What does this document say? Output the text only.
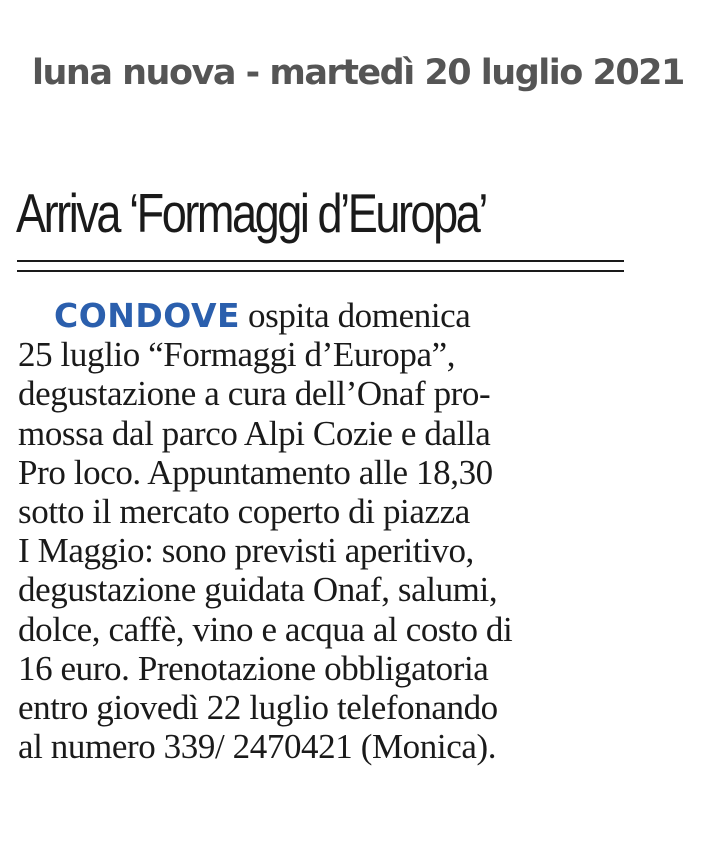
luna nuova - martedì 20 luglio 2021
Arriva ‘Formaggi d’Europa’
CONDOVE ospita domenica
25 luglio “Formaggi d’Europa”,
degustazione a cura dell’Onaf pro-
mossa dal parco Alpi Cozie e dalla
Pro loco. Appuntamento alle 18,30
sotto il mercato coperto di piazza
I Maggio: sono previsti aperitivo,
degustazione guidata Onaf, salumi,
dolce, caffè, vino e acqua al costo di
16 euro. Prenotazione obbligatoria
entro giovedì 22 luglio telefonando
al numero 339/ 2470421 (Monica).
